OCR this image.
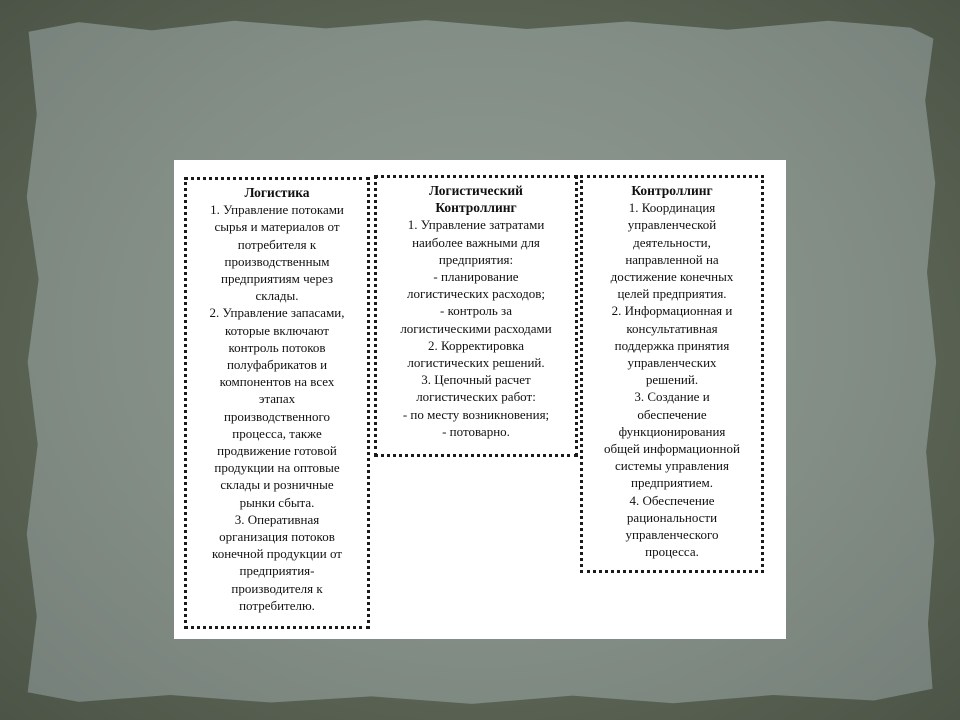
Логистика
1. Управление потоками
сырья и материалов от
потребителя к
производственным
предприятиям через
склады.
2. Управление запасами,
которые включают
контроль потоков
полуфабрикатов и
компонентов на всех
этапах
производственного
процесса, также
продвижение готовой
продукции на оптовые
склады и розничные
рынки сбыта.
3. Оперативная
организация потоков
конечной продукции от
предприятия-
производителя к
потребителю.
Логистический
Контроллинг
1. Управление затратами
наиболее важными для
предприятия:
- планирование
логистических расходов;
- контроль за
логистическими расходами
2. Корректировка
логистических решений.
3. Цепочный расчет
логистических работ:
- по месту возникновения;
- потоварно.
Контроллинг
1. Координация
управленческой
деятельности,
направленной на
достижение конечных
целей предприятия.
2. Информационная и
консультативная
поддержка принятия
управленческих
решений.
3. Создание и
обеспечение
функционирования
общей информационной
системы управления
предприятием.
4. Обеспечение
рациональности
управленческого
процесса.
